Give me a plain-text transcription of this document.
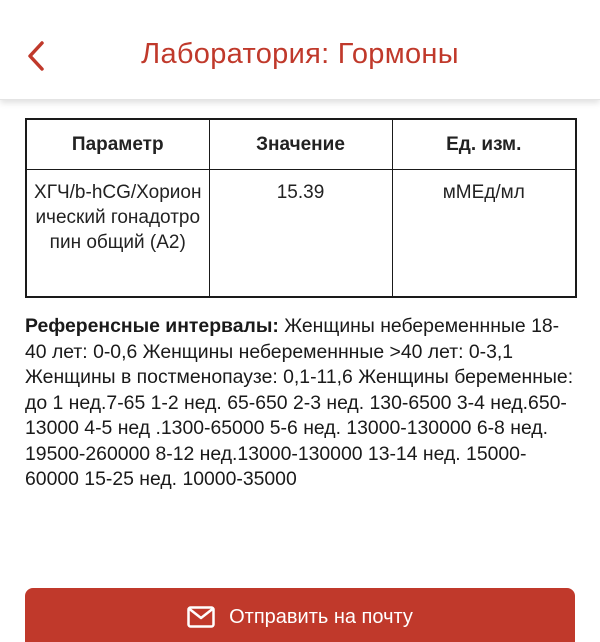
Лаборатория: Гормоны
Параметр	Значение	Ед. изм.
ХГЧ/b-hCG/Хорионический гонадотропин общий (А2)	15.39	мМЕд/мл

Референсные интервалы: Женщины небеременнные 18-40 лет: 0-0,6 Женщины небеременнные >40 лет: 0-3,1 Женщины в постменопаузе: 0,1-11,6 Женщины беременные: до 1 нед.7-65 1-2 нед. 65-650 2-3 нед. 130-6500 3-4 нед.650-13000 4-5 нед .1300-65000 5-6 нед. 13000-130000 6-8 нед. 19500-260000 8-12 нед.13000-130000 13-14 нед. 15000-60000 15-25 нед. 10000-35000

Отправить на почту
